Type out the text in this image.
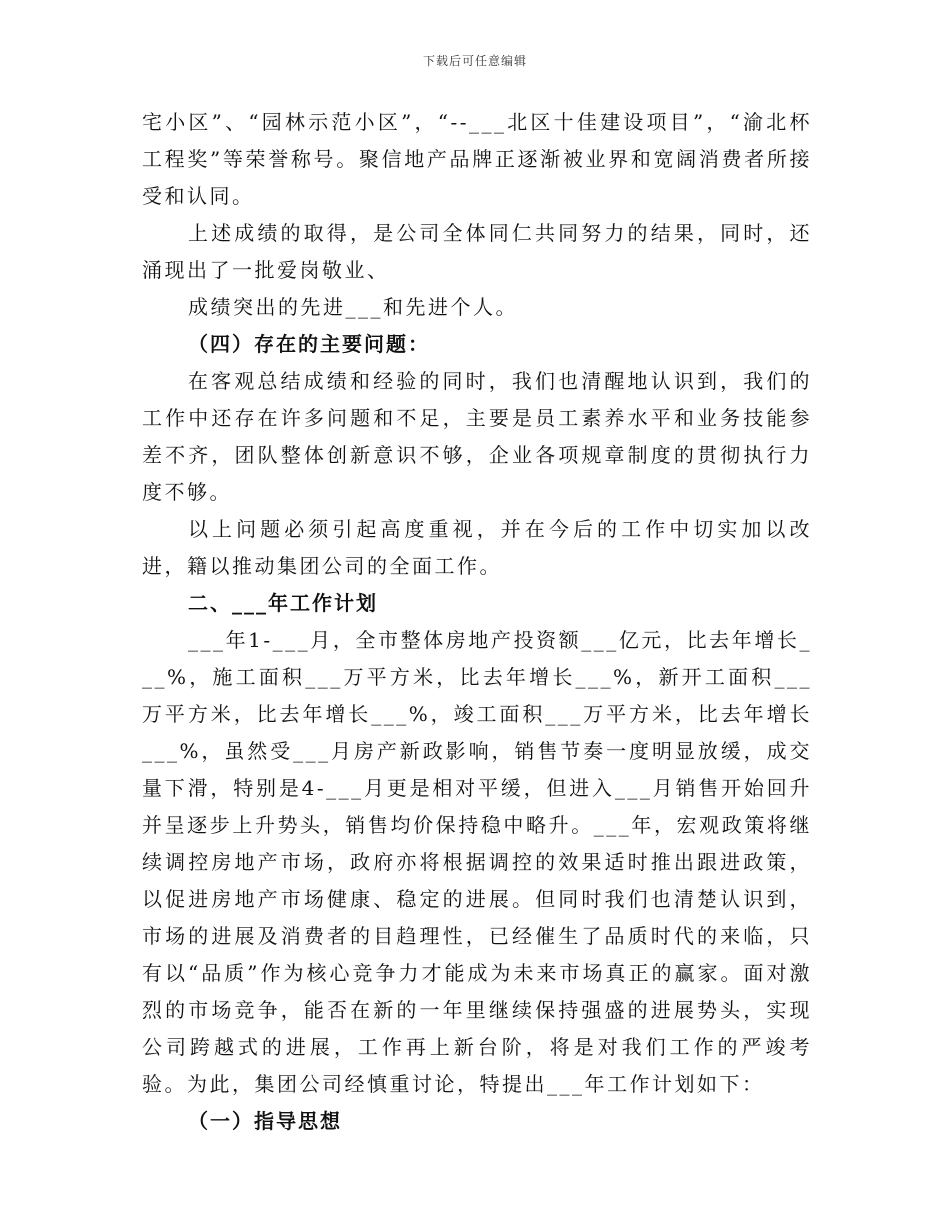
下载后可任意编辑

宅小区”、“园林示范小区”，“--___北区十佳建设项目”，“渝北杯工程奖”等荣誉称号。聚信地产品牌正逐渐被业界和宽阔消费者所接受和认同。

上述成绩的取得，是公司全体同仁共同努力的结果，同时，还涌现出了一批爱岗敬业、

成绩突出的先进___和先进个人。

（四）存在的主要问题：

在客观总结成绩和经验的同时，我们也清醒地认识到，我们的工作中还存在许多问题和不足，主要是员工素养水平和业务技能参差不齐，团队整体创新意识不够，企业各项规章制度的贯彻执行力度不够。

以上问题必须引起高度重视，并在今后的工作中切实加以改进，籍以推动集团公司的全面工作。

二、___年工作计划

___年1-___月，全市整体房地产投资额___亿元，比去年增长___%，施工面积___万平方米，比去年增长___%，新开工面积___万平方米，比去年增长___%，竣工面积___万平方米，比去年增长___%，虽然受___月房产新政影响，销售节奏一度明显放缓，成交量下滑，特别是4-___月更是相对平缓，但进入___月销售开始回升并呈逐步上升势头，销售均价保持稳中略升。___年，宏观政策将继续调控房地产市场，政府亦将根据调控的效果适时推出跟进政策，以促进房地产市场健康、稳定的进展。但同时我们也清楚认识到，市场的进展及消费者的目趋理性，已经催生了品质时代的来临，只有以“品质”作为核心竞争力才能成为未来市场真正的赢家。面对激烈的市场竞争，能否在新的一年里继续保持强盛的进展势头，实现公司跨越式的进展，工作再上新台阶，将是对我们工作的严竣考验。为此，集团公司经慎重讨论，特提出___年工作计划如下：

（一）指导思想
